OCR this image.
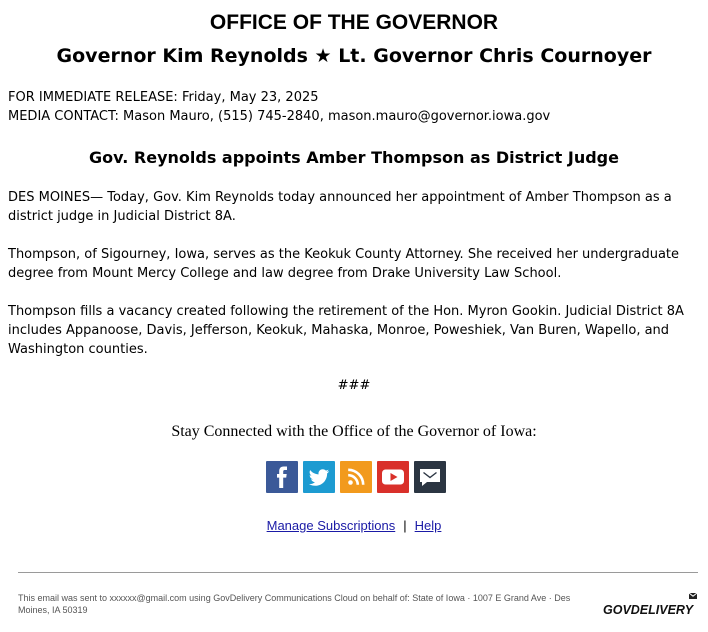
OFFICE OF THE GOVERNOR
Governor Kim Reynolds ★ Lt. Governor Chris Cournoyer
FOR IMMEDIATE RELEASE: Friday, May 23, 2025
MEDIA CONTACT: Mason Mauro, (515) 745-2840, mason.mauro@governor.iowa.gov
Gov. Reynolds appoints Amber Thompson as District Judge
DES MOINES— Today, Gov. Kim Reynolds today announced her appointment of Amber Thompson as a district judge in Judicial District 8A.
Thompson, of Sigourney, Iowa, serves as the Keokuk County Attorney. She received her undergraduate degree from Mount Mercy College and law degree from Drake University Law School.
Thompson fills a vacancy created following the retirement of the Hon. Myron Gookin. Judicial District 8A includes Appanoose, Davis, Jefferson, Keokuk, Mahaska, Monroe, Poweshiek, Van Buren, Wapello, and Washington counties.
###
Stay Connected with the Office of the Governor of Iowa:
Manage Subscriptions | Help
This email was sent to xxxxxx@gmail.com using GovDelivery Communications Cloud on behalf of: State of Iowa · 1007 E Grand Ave · Des Moines, IA 50319	GOVDELIVERY
